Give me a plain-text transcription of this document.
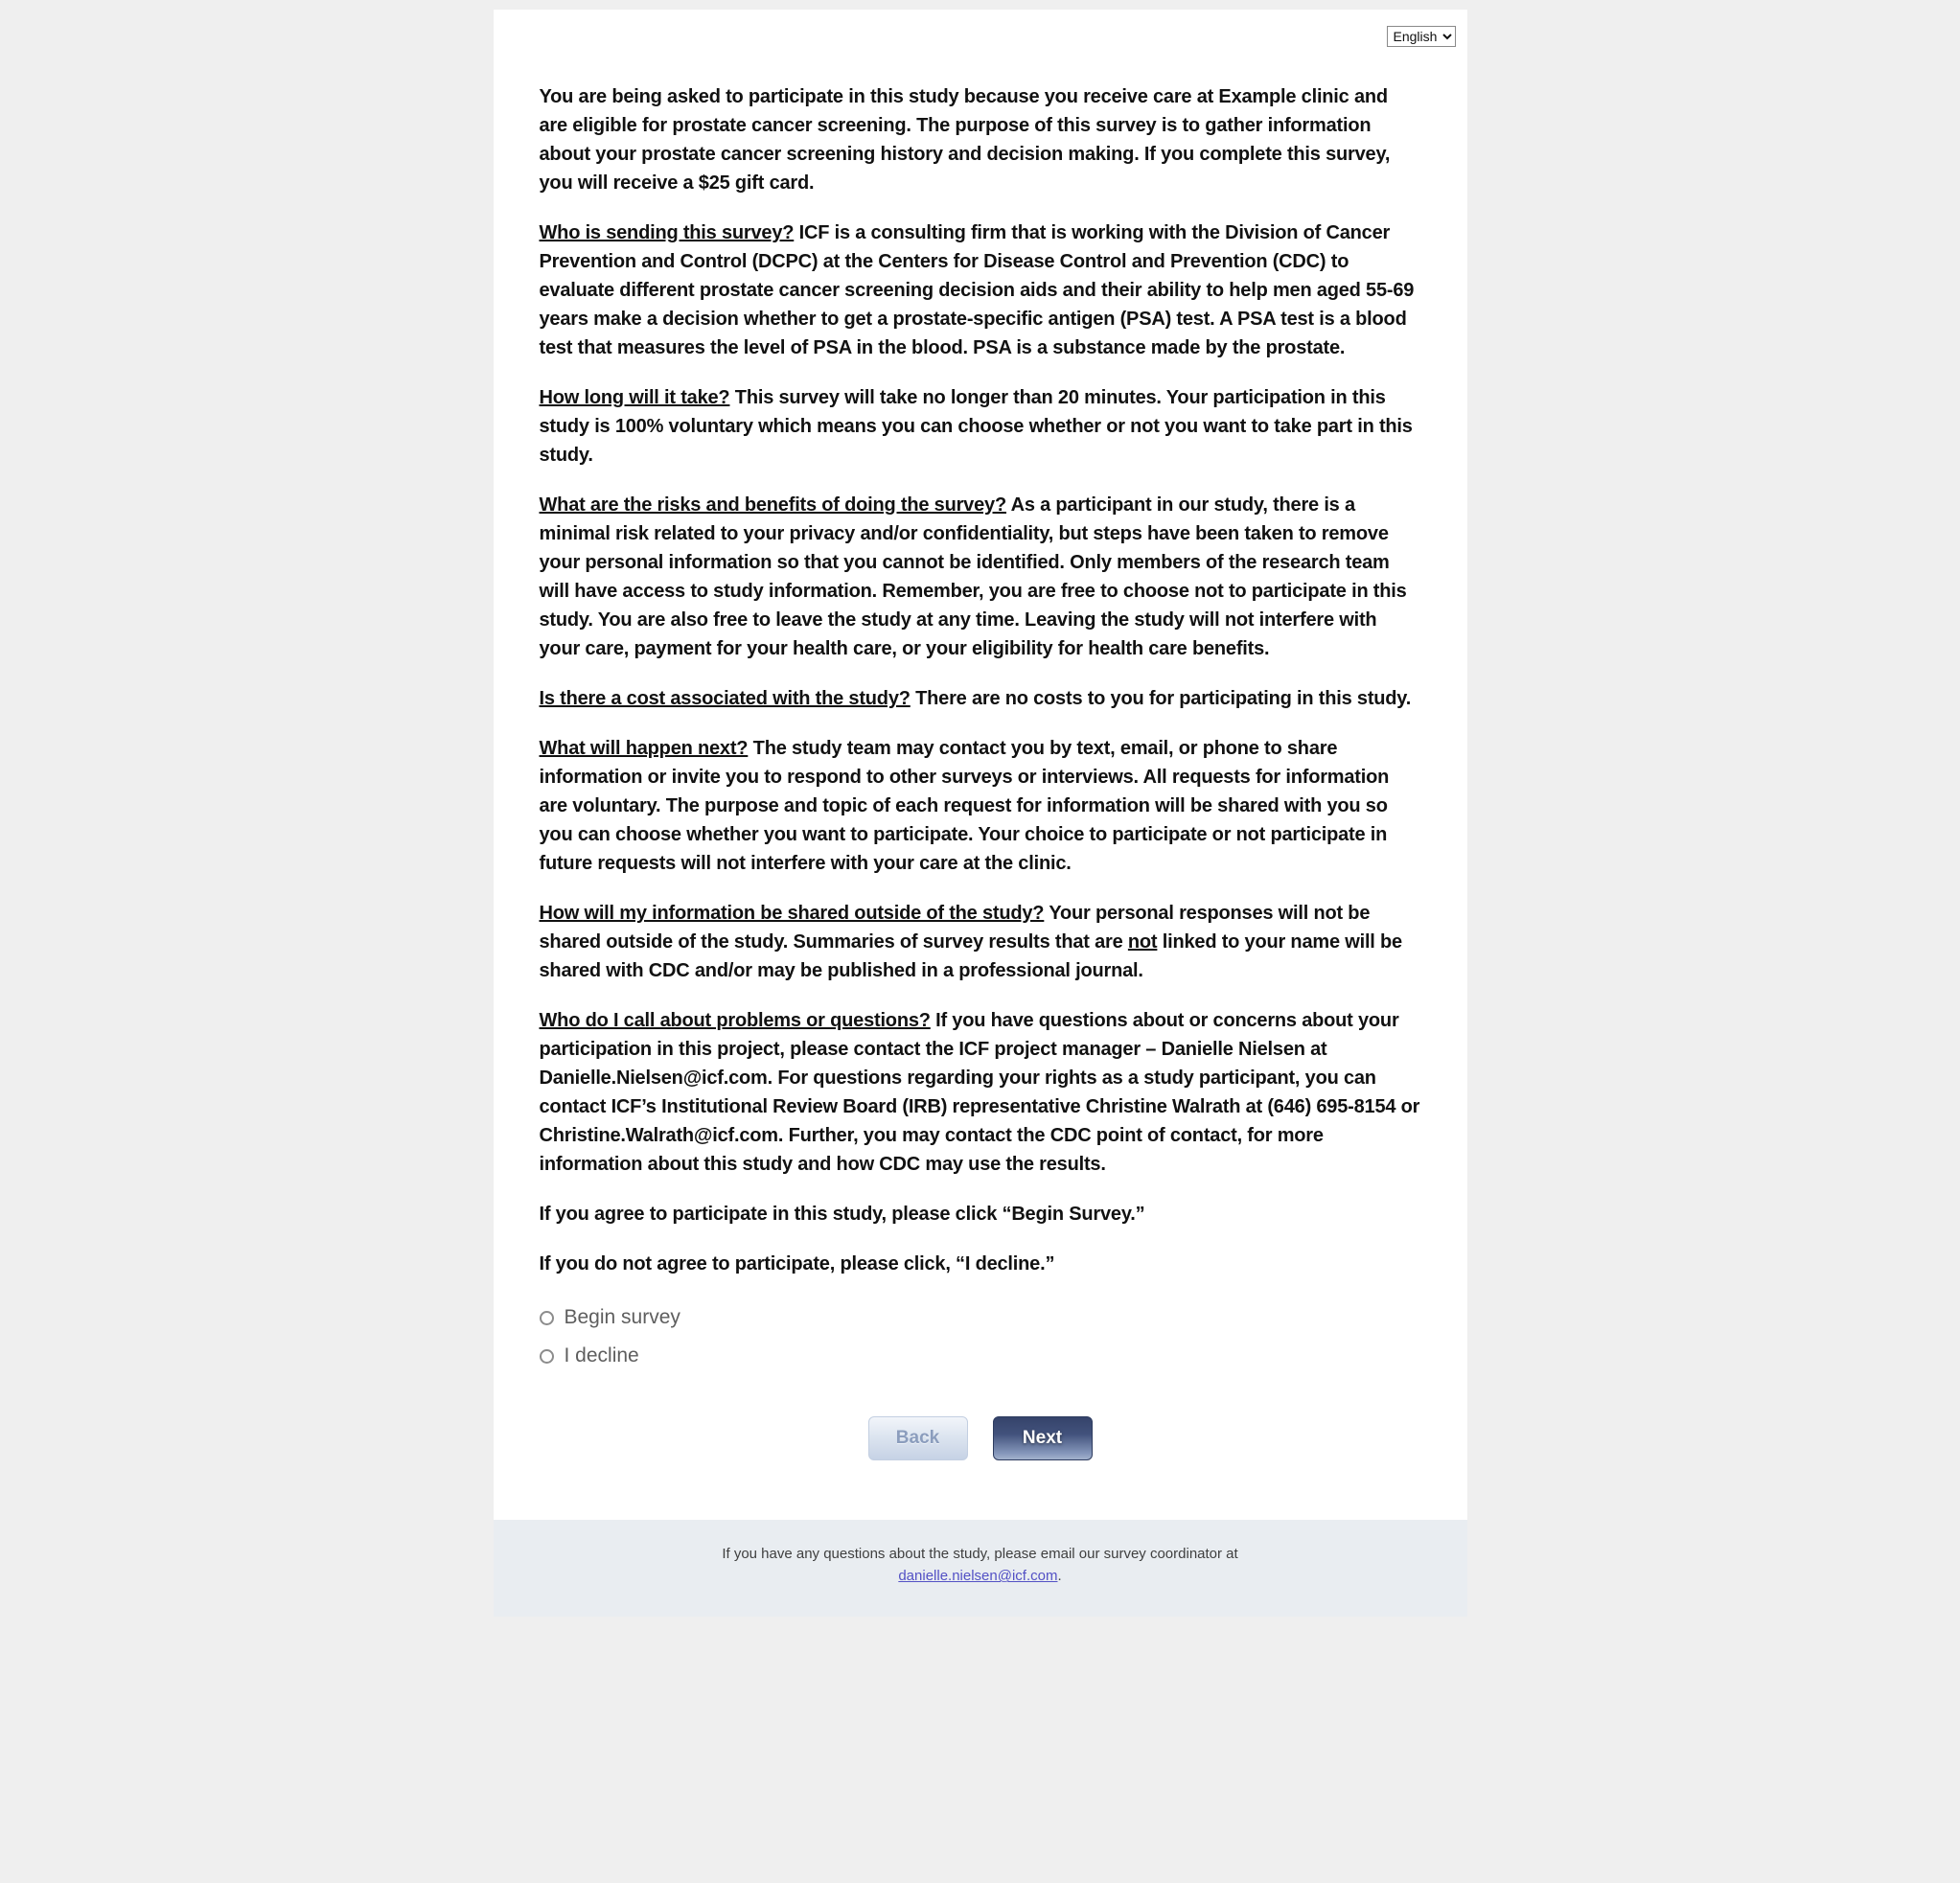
English

You are being asked to participate in this study because you receive care at Example clinic and are eligible for prostate cancer screening. The purpose of this survey is to gather information about your prostate cancer screening history and decision making. If you complete this survey, you will receive a $25 gift card.

Who is sending this survey? ICF is a consulting firm that is working with the Division of Cancer Prevention and Control (DCPC) at the Centers for Disease Control and Prevention (CDC) to evaluate different prostate cancer screening decision aids and their ability to help men aged 55-69 years make a decision whether to get a prostate-specific antigen (PSA) test. A PSA test is a blood test that measures the level of PSA in the blood. PSA is a substance made by the prostate.

How long will it take? This survey will take no longer than 20 minutes. Your participation in this study is 100% voluntary which means you can choose whether or not you want to take part in this study.

What are the risks and benefits of doing the survey? As a participant in our study, there is a minimal risk related to your privacy and/or confidentiality, but steps have been taken to remove your personal information so that you cannot be identified. Only members of the research team will have access to study information. Remember, you are free to choose not to participate in this study. You are also free to leave the study at any time. Leaving the study will not interfere with your care, payment for your health care, or your eligibility for health care benefits.

Is there a cost associated with the study? There are no costs to you for participating in this study.

What will happen next? The study team may contact you by text, email, or phone to share information or invite you to respond to other surveys or interviews. All requests for information are voluntary. The purpose and topic of each request for information will be shared with you so you can choose whether you want to participate. Your choice to participate or not participate in future requests will not interfere with your care at the clinic.

How will my information be shared outside of the study? Your personal responses will not be shared outside of the study. Summaries of survey results that are not linked to your name will be shared with CDC and/or may be published in a professional journal.

Who do I call about problems or questions? If you have questions about or concerns about your participation in this project, please contact the ICF project manager – Danielle Nielsen at Danielle.Nielsen@icf.com. For questions regarding your rights as a study participant, you can contact ICF’s Institutional Review Board (IRB) representative Christine Walrath at (646) 695-8154 or Christine.Walrath@icf.com. Further, you may contact the CDC point of contact, for more information about this study and how CDC may use the results.

If you agree to participate in this study, please click “Begin Survey.”

If you do not agree to participate, please click, “I decline.”

Begin survey
I decline
Back	Next
If you have any questions about the study, please email our survey coordinator at
danielle.nielsen@icf.com.
